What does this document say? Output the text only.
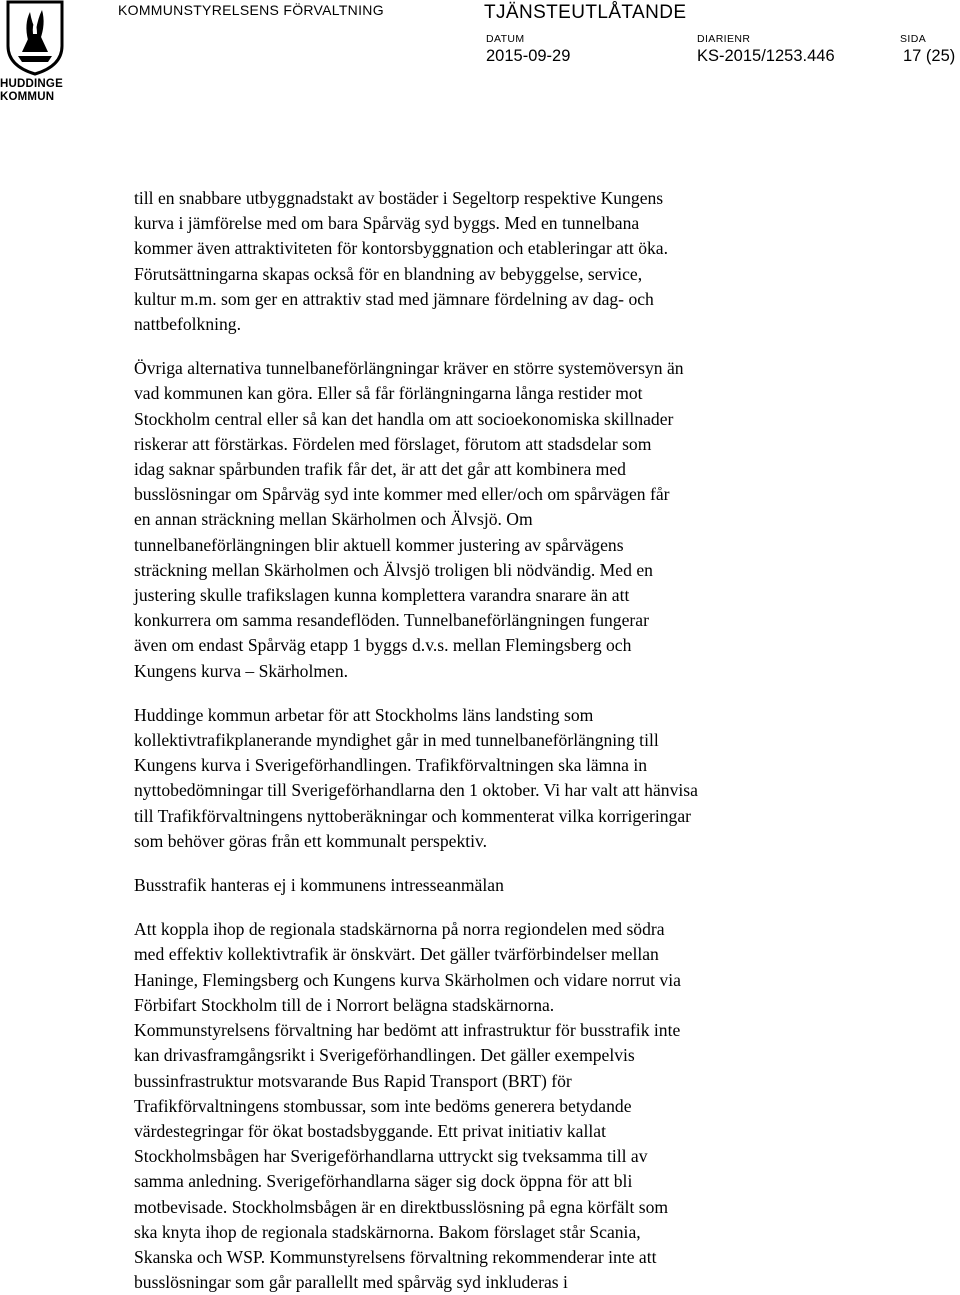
HUDDINGE
KOMMUN
KOMMUNSTYRELSENS FÖRVALTNING	TJÄNSTEUTLÅTANDE
DATUM
2015-09-29
DIARIENR
KS-2015/1253.446
SIDA
17 (25)
till en snabbare utbyggnadstakt av bostäder i Segeltorp respektive Kungens
kurva i jämförelse med om bara Spårväg syd byggs. Med en tunnelbana
kommer även attraktiviteten för kontorsbyggnation och etableringar att öka.
Förutsättningarna skapas också för en blandning av bebyggelse, service,
kultur m.m. som ger en attraktiv stad med jämnare fördelning av dag- och
nattbefolkning.
Övriga alternativa tunnelbaneförlängningar kräver en större systemöversyn än
vad kommunen kan göra. Eller så får förlängningarna långa restider mot
Stockholm central eller så kan det handla om att socioekonomiska skillnader
riskerar att förstärkas. Fördelen med förslaget, förutom att stadsdelar som
idag saknar spårbunden trafik får det, är att det går att kombinera med
busslösningar om Spårväg syd inte kommer med eller/och om spårvägen får
en annan sträckning mellan Skärholmen och Älvsjö. Om
tunnelbaneförlängningen blir aktuell kommer justering av spårvägens
sträckning mellan Skärholmen och Älvsjö troligen bli nödvändig. Med en
justering skulle trafikslagen kunna komplettera varandra snarare än att
konkurrera om samma resandeflöden. Tunnelbaneförlängningen fungerar
även om endast Spårväg etapp 1 byggs d.v.s. mellan Flemingsberg och
Kungens kurva – Skärholmen.
Huddinge kommun arbetar för att Stockholms läns landsting som
kollektivtrafikplanerande myndighet går in med tunnelbaneförlängning till
Kungens kurva i Sverigeförhandlingen. Trafikförvaltningen ska lämna in
nyttobedömningar till Sverigeförhandlarna den 1 oktober. Vi har valt att hänvisa
till Trafikförvaltningens nyttoberäkningar och kommenterat vilka korrigeringar
som behöver göras från ett kommunalt perspektiv.
Busstrafik hanteras ej i kommunens intresseanmälan
Att koppla ihop de regionala stadskärnorna på norra regiondelen med södra
med effektiv kollektivtrafik är önskvärt. Det gäller tvärförbindelser mellan
Haninge, Flemingsberg och Kungens kurva Skärholmen och vidare norrut via
Förbifart Stockholm till de i Norrort belägna stadskärnorna.
Kommunstyrelsens förvaltning har bedömt att infrastruktur för busstrafik inte
kan drivasframgångsrikt i Sverigeförhandlingen. Det gäller exempelvis
bussinfrastruktur motsvarande Bus Rapid Transport (BRT) för
Trafikförvaltningens stombussar, som inte bedöms generera betydande
värdestegringar för ökat bostadsbyggande. Ett privat initiativ kallat
Stockholmsbågen har Sverigeförhandlarna uttryckt sig tveksamma till av
samma anledning. Sverigeförhandlarna säger sig dock öppna för att bli
motbevisade. Stockholmsbågen är en direktbusslösning på egna körfält som
ska knyta ihop de regionala stadskärnorna. Bakom förslaget står Scania,
Skanska och WSP. Kommunstyrelsens förvaltning rekommenderar inte att
busslösningar som går parallellt med spårväg syd inkluderas i
